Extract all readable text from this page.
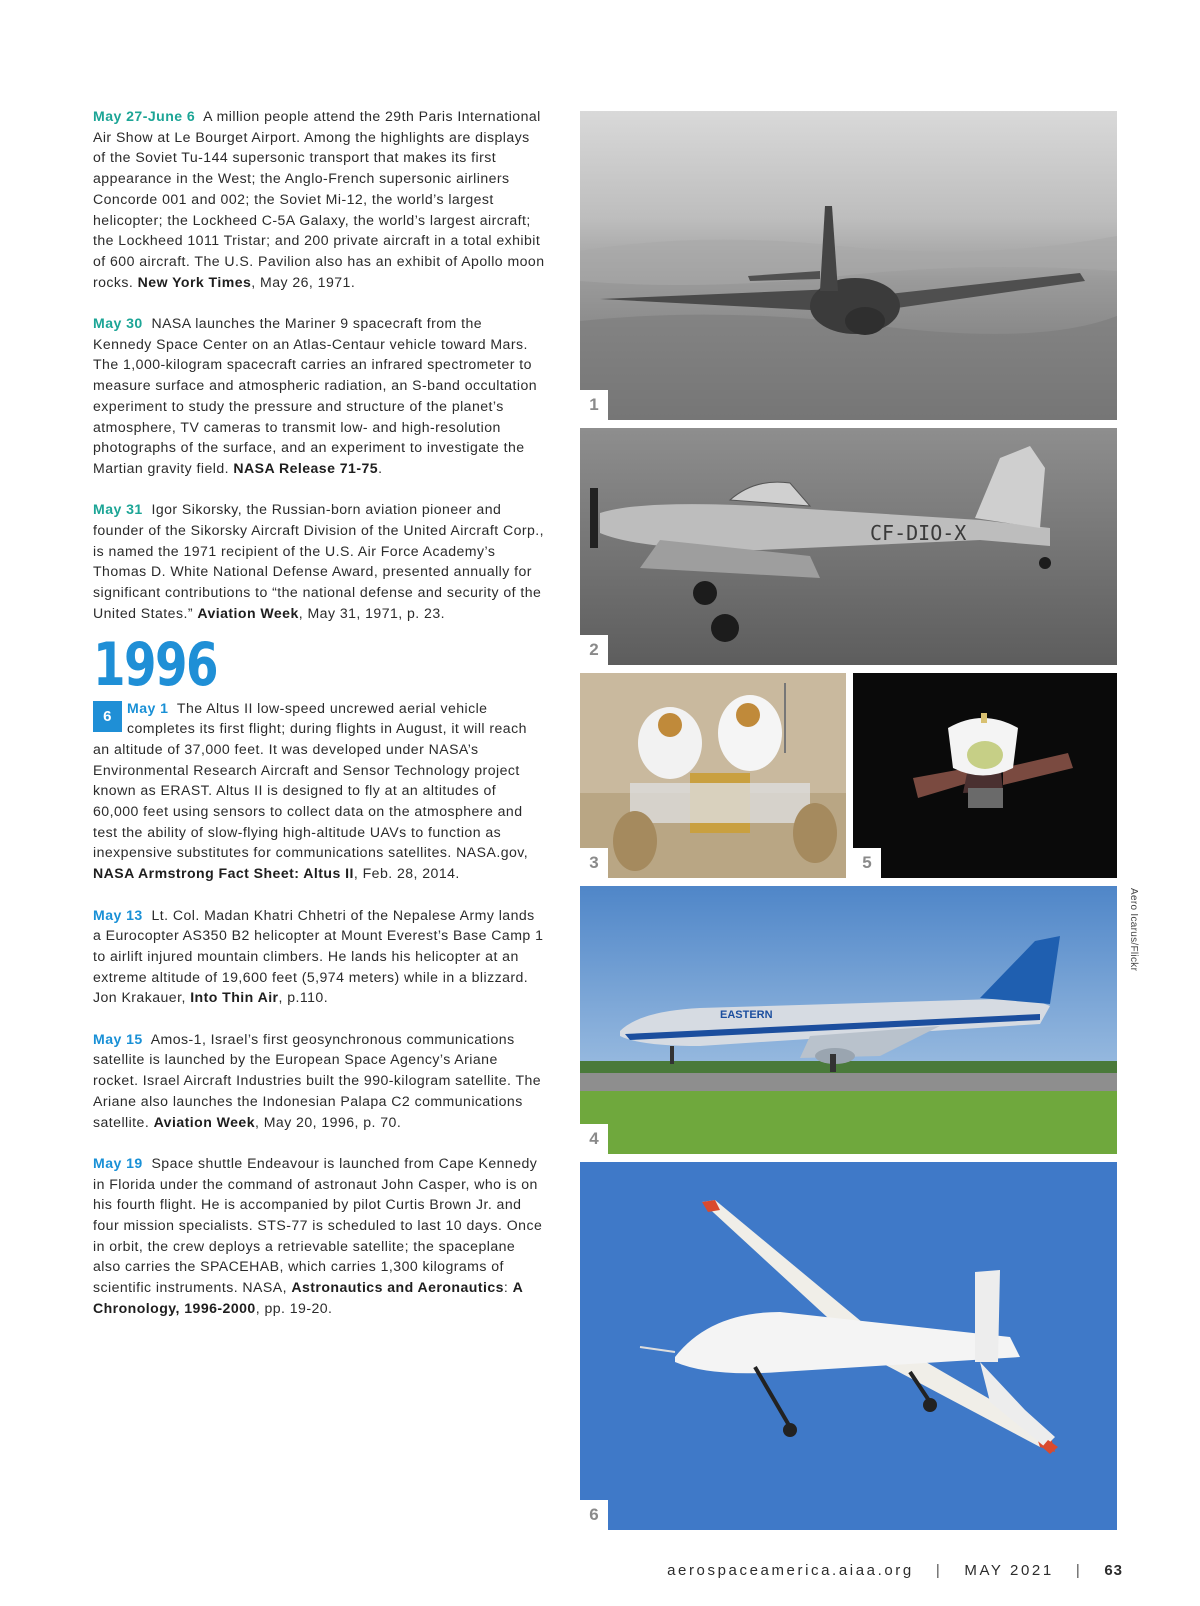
May 27-June 6 A million people attend the 29th Paris International Air Show at Le Bourget Airport. Among the highlights are displays of the Soviet Tu-144 supersonic transport that makes its first appearance in the West; the Anglo-French supersonic airliners Concorde 001 and 002; the Soviet Mi-12, the world’s largest helicopter; the Lockheed C-5A Galaxy, the world’s largest aircraft; the Lockheed 1011 Tristar; and 200 private aircraft in a total exhibit of 600 aircraft. The U.S. Pavilion also has an exhibit of Apollo moon rocks. New York Times, May 26, 1971.

May 30 NASA launches the Mariner 9 spacecraft from the Kennedy Space Center on an Atlas-Centaur vehicle toward Mars. The 1,000-kilogram spacecraft carries an infrared spectrometer to measure surface and atmospheric radiation, an S-band occultation experiment to study the pressure and structure of the planet’s atmosphere, TV cameras to transmit low- and high-resolution photographs of the surface, and an experiment to investigate the Martian gravity field. NASA Release 71-75.

May 31 Igor Sikorsky, the Russian-born aviation pioneer and founder of the Sikorsky Aircraft Division of the United Aircraft Corp., is named the 1971 recipient of the U.S. Air Force Academy’s Thomas D. White National Defense Award, presented annually for significant contributions to “the national defense and security of the United States.” Aviation Week, May 31, 1971, p. 23.

1996

6	May 1 The Altus II low-speed uncrewed aerial vehicle completes its first flight; during flights in August, it will reach an altitude of 37,000 feet. It was developed under NASA’s Environmental Research Aircraft and Sensor Technology project known as ERAST. Altus II is designed to fly at an altitudes of 60,000 feet using sensors to collect data on the atmosphere and test the ability of slow-flying high-altitude UAVs to function as inexpensive substitutes for communications satellites. NASA.gov, NASA Armstrong Fact Sheet: Altus II, Feb. 28, 2014.

May 13 Lt. Col. Madan Khatri Chhetri of the Nepalese Army lands a Eurocopter AS350 B2 helicopter at Mount Everest’s Base Camp 1 to airlift injured mountain climbers. He lands his helicopter at an extreme altitude of 19,600 feet (5,974 meters) while in a blizzard. Jon Krakauer, Into Thin Air, p.110.

May 15 Amos-1, Israel’s first geosynchronous communications satellite is launched by the European Space Agency’s Ariane rocket. Israel Aircraft Industries built the 990-kilogram satellite. The Ariane also launches the Indonesian Palapa C2 communications satellite. Aviation Week, May 20, 1996, p. 70.

May 19 Space shuttle Endeavour is launched from Cape Kennedy in Florida under the command of astronaut John Casper, who is on his fourth flight. He is accompanied by pilot Curtis Brown Jr. and four mission specialists. STS-77 is scheduled to last 10 days. Once in orbit, the crew deploys a retrievable satellite; the spaceplane also carries the SPACEHAB, which carries 1,300 kilograms of scientific instruments. NASA, Astronautics and Aeronautics: A Chronology, 1996-2000, pp. 19-20.

1
CF-DIO-X
2
3	5
EASTERN
4
6
Aero Icarus/Flickr
aerospaceamerica.aiaa.org | MAY 2021 | 63
